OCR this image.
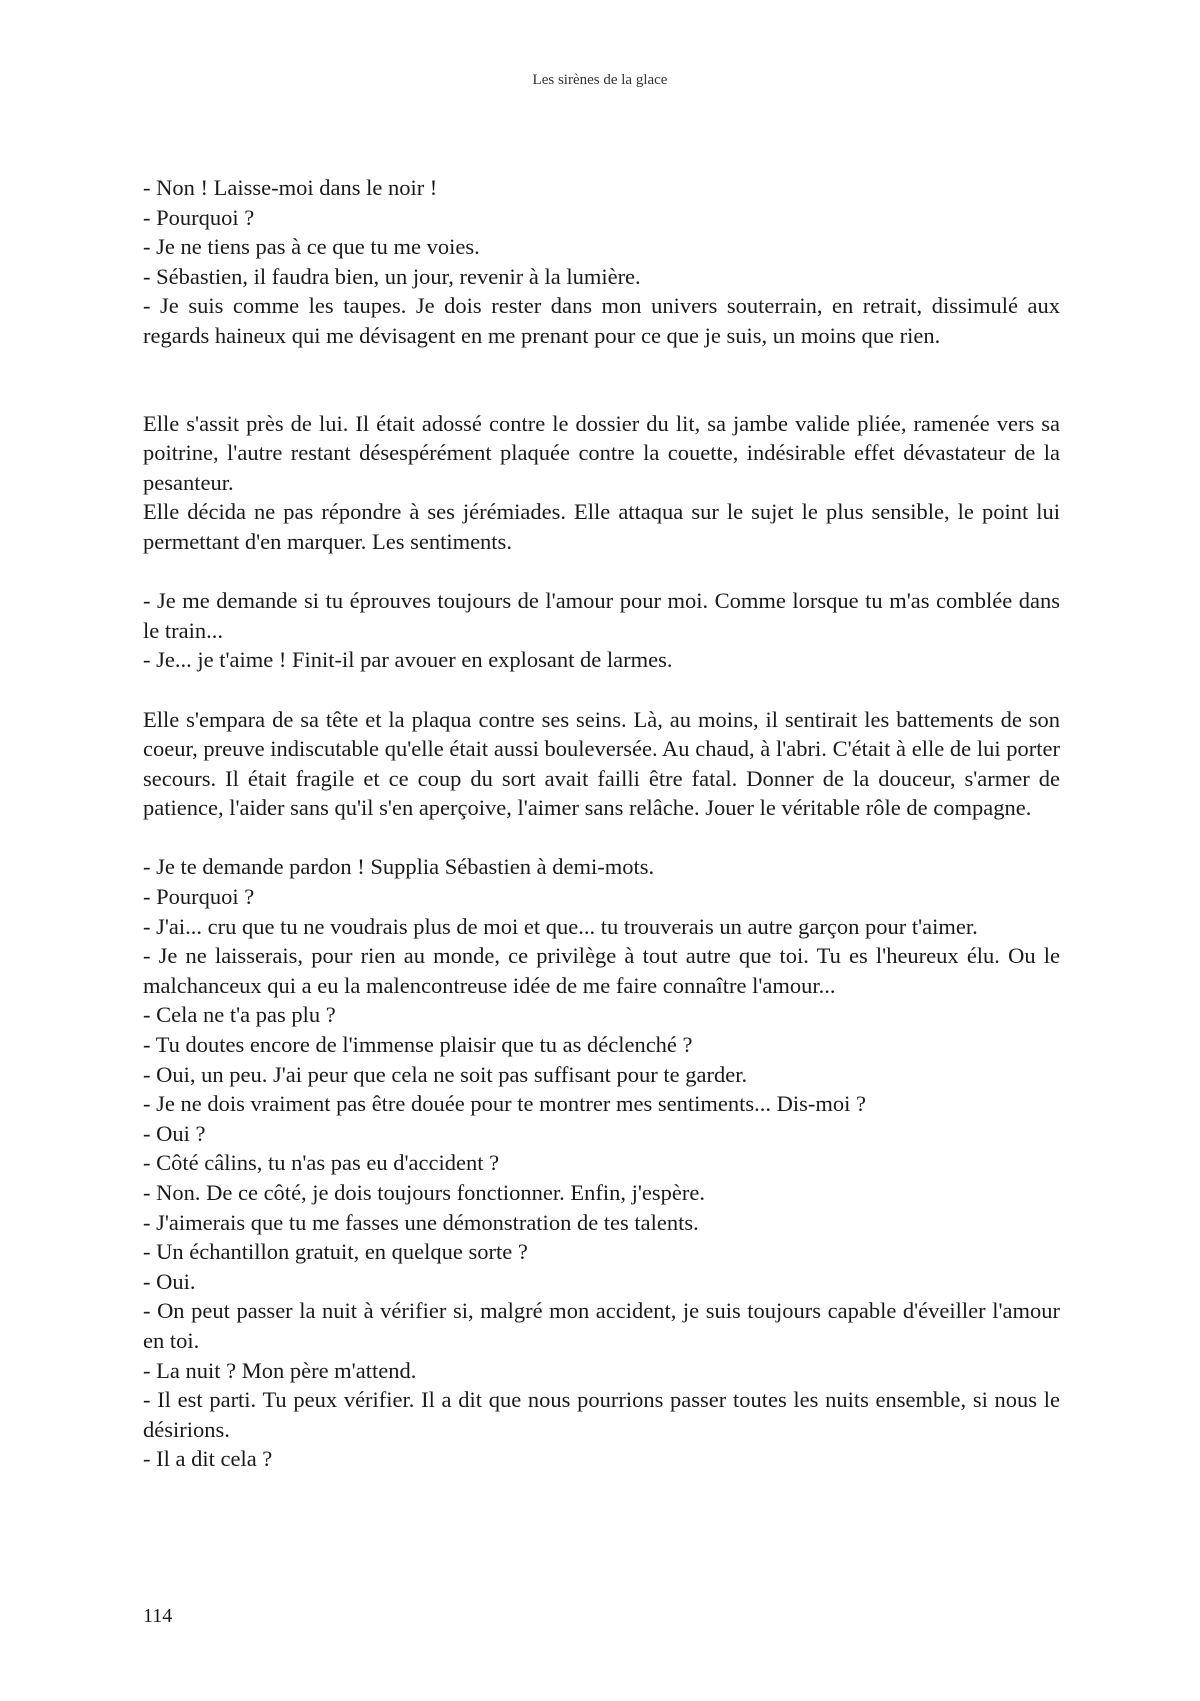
Les sirènes de la glace

- Non ! Laisse-moi dans le noir !

- Pourquoi ?

- Je ne tiens pas à ce que tu me voies.

- Sébastien, il faudra bien, un jour, revenir à la lumière.

- Je suis comme les taupes. Je dois rester dans mon univers souterrain, en retrait, dissimulé aux regards haineux qui me dévisagent en me prenant pour ce que je suis, un moins que rien.

Elle s'assit près de lui. Il était adossé contre le dossier du lit, sa jambe valide pliée, ramenée vers sa poitrine, l'autre restant désespérément plaquée contre la couette, indésirable effet dévastateur de la pesanteur.

Elle décida ne pas répondre à ses jérémiades. Elle attaqua sur le sujet le plus sensible, le point lui permettant d'en marquer. Les sentiments.

- Je me demande si tu éprouves toujours de l'amour pour moi. Comme lorsque tu m'as comblée dans le train...

- Je... je t'aime ! Finit-il par avouer en explosant de larmes.

Elle s'empara de sa tête et la plaqua contre ses seins. Là, au moins, il sentirait les battements de son coeur, preuve indiscutable qu'elle était aussi bouleversée. Au chaud, à l'abri. C'était à elle de lui porter secours. Il était fragile et ce coup du sort avait failli être fatal. Donner de la douceur, s'armer de patience, l'aider sans qu'il s'en aperçoive, l'aimer sans relâche. Jouer le véritable rôle de compagne.

- Je te demande pardon ! Supplia Sébastien à demi-mots.

- Pourquoi ?

- J'ai... cru que tu ne voudrais plus de moi et que... tu trouverais un autre garçon pour t'aimer.

- Je ne laisserais, pour rien au monde, ce privilège à tout autre que toi. Tu es l'heureux élu. Ou le malchanceux qui a eu la malencontreuse idée de me faire connaître l'amour...

- Cela ne t'a pas plu ?

- Tu doutes encore de l'immense plaisir que tu as déclenché ?

- Oui, un peu. J'ai peur que cela ne soit pas suffisant pour te garder.

- Je ne dois vraiment pas être douée pour te montrer mes sentiments... Dis-moi ?

- Oui ?

- Côté câlins, tu n'as pas eu d'accident ?

- Non. De ce côté, je dois toujours fonctionner. Enfin, j'espère.

- J'aimerais que tu me fasses une démonstration de tes talents.

- Un échantillon gratuit, en quelque sorte ?

- Oui.

- On peut passer la nuit à vérifier si, malgré mon accident, je suis toujours capable d'éveiller l'amour en toi.

- La nuit ? Mon père m'attend.

- Il est parti. Tu peux vérifier. Il a dit que nous pourrions passer toutes les nuits ensemble, si nous le désirions.

- Il a dit cela ?

114
